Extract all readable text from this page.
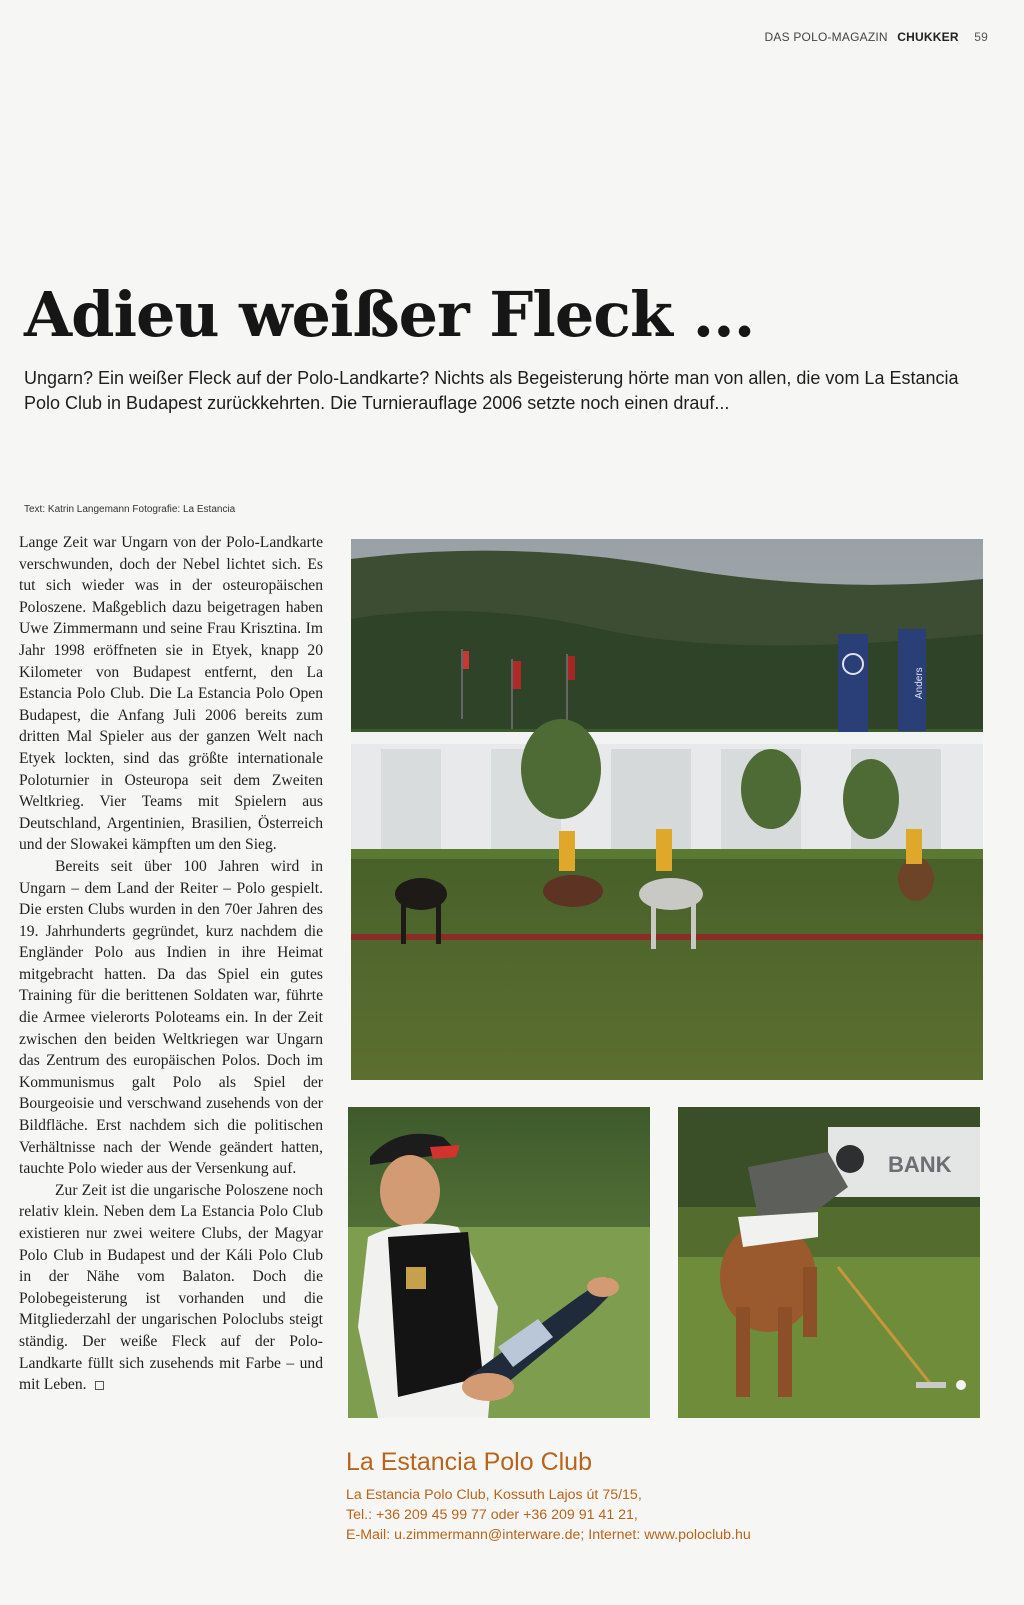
DAS POLO-MAGAZIN CHUKKER 59
Adieu weißer Fleck ...

Ungarn? Ein weißer Fleck auf der Polo-Landkarte? Nichts als Begeisterung hörte man von allen, die vom La Estancia Polo Club in Budapest zurückkehrten. Die Turnierauflage 2006 setzte noch einen drauf...

Text: Katrin Langemann Fotografie: La Estancia

Lange Zeit war Ungarn von der Polo-Landkarte verschwunden, doch der Nebel lichtet sich. Es tut sich wieder was in der osteuropäischen Poloszene. Maßgeblich dazu beigetragen haben Uwe Zimmermann und seine Frau Krisztina. Im Jahr 1998 eröffneten sie in Etyek, knapp 20 Kilometer von Budapest entfernt, den La Estancia Polo Club. Die La Estancia Polo Open Budapest, die Anfang Juli 2006 bereits zum dritten Mal Spieler aus der ganzen Welt nach Etyek lockten, sind das größte internationale Poloturnier in Osteuropa seit dem Zweiten Weltkrieg. Vier Teams mit Spielern aus Deutschland, Argentinien, Brasilien, Österreich und der Slowakei kämpften um den Sieg.

Bereits seit über 100 Jahren wird in Ungarn – dem Land der Reiter – Polo gespielt. Die ersten Clubs wurden in den 70er Jahren des 19. Jahrhunderts gegründet, kurz nachdem die Engländer Polo aus Indien in ihre Heimat mitgebracht hatten. Da das Spiel ein gutes Training für die berittenen Soldaten war, führte die Armee vielerorts Poloteams ein. In der Zeit zwischen den beiden Weltkriegen war Ungarn das Zentrum des europäischen Polos. Doch im Kommunismus galt Polo als Spiel der Bourgeoisie und verschwand zusehends von der Bildfläche. Erst nachdem sich die politischen Verhältnisse nach der Wende geändert hatten, tauchte Polo wieder aus der Versenkung auf.

Zur Zeit ist die ungarische Poloszene noch relativ klein. Neben dem La Estancia Polo Club existieren nur zwei weitere Clubs, der Magyar Polo Club in Budapest und der Káli Polo Club in der Nähe vom Balaton. Doch die Polobegeisterung ist vorhanden und die Mitgliederzahl der ungarischen Poloclubs steigt ständig. Der weiße Fleck auf der Polo-Landkarte füllt sich zusehends mit Farbe – und mit Leben.

Anders
BANK
La Estancia Polo Club

La Estancia Polo Club, Kossuth Lajos út 75/15,

Tel.: +36 209 45 99 77 oder +36 209 91 41 21,

E-Mail: u.zimmermann@interware.de; Internet: www.poloclub.hu
